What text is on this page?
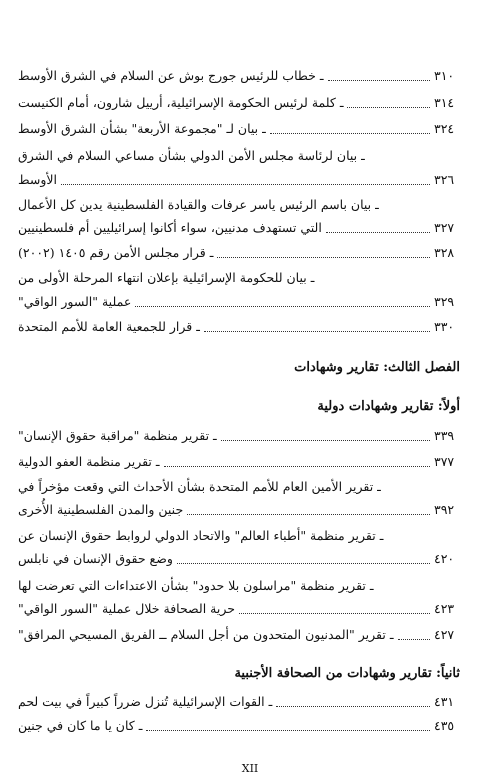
ـ خطاب للرئيس جورج بوش عن السلام في الشرق الأوسط	٣١٠
ـ كلمة لرئيس الحكومة الإسرائيلية، أرييل شارون، أمام الكنيست	٣١٤
ـ بيان لـ "مجموعة الأربعة" بشأن الشرق الأوسط	٣٢٤
ـ بيان لرئاسة مجلس الأمن الدولي بشأن مساعي السلام في الشرق
الأوسط	٣٢٦
ـ بيان باسم الرئيس ياسر عرفات والقيادة الفلسطينية يدين كل الأعمال
التي تستهدف مدنيين، سواء أكانوا إسرائيليين أم فلسطينيين	٣٢٧
ـ قرار مجلس الأمن رقم ١٤٠٥ (٢٠٠٢)	٣٢٨
ـ بيان للحكومة الإسرائيلية بإعلان انتهاء المرحلة الأولى من
عملية "السور الواقي"	٣٢٩
ـ قرار للجمعية العامة للأمم المتحدة	٣٣٠
الفصل الثالث: تقارير وشهادات
أولاً: تقارير وشهادات دولية
ـ تقرير منظمة "مراقبة حقوق الإنسان"	٣٣٩
ـ تقرير منظمة العفو الدولية	٣٧٧
ـ تقرير الأمين العام للأمم المتحدة بشأن الأحداث التي وقعت مؤخراً في
جنين والمدن الفلسطينية الأُخرى	٣٩٢
ـ تقرير منظمة "أطباء العالم" والاتحاد الدولي لروابط حقوق الإنسان عن
وضع حقوق الإنسان في نابلس	٤٢٠
ـ تقرير منظمة "مراسلون بلا حدود" بشأن الاعتداءات التي تعرضت لها
حرية الصحافة خلال عملية "السور الواقي"	٤٢٣
ـ تقرير "المدنيون المتحدون من أجل السلام ــ الفريق المسيحي المرافق"	٤٢٧
ثانياً: تقارير وشهادات من الصحافة الأجنبية
ـ القوات الإسرائيلية تُنزل ضرراً كبيراً في بيت لحم	٤٣١
ـ كان يا ما كان في جنين	٤٣٥
XII
